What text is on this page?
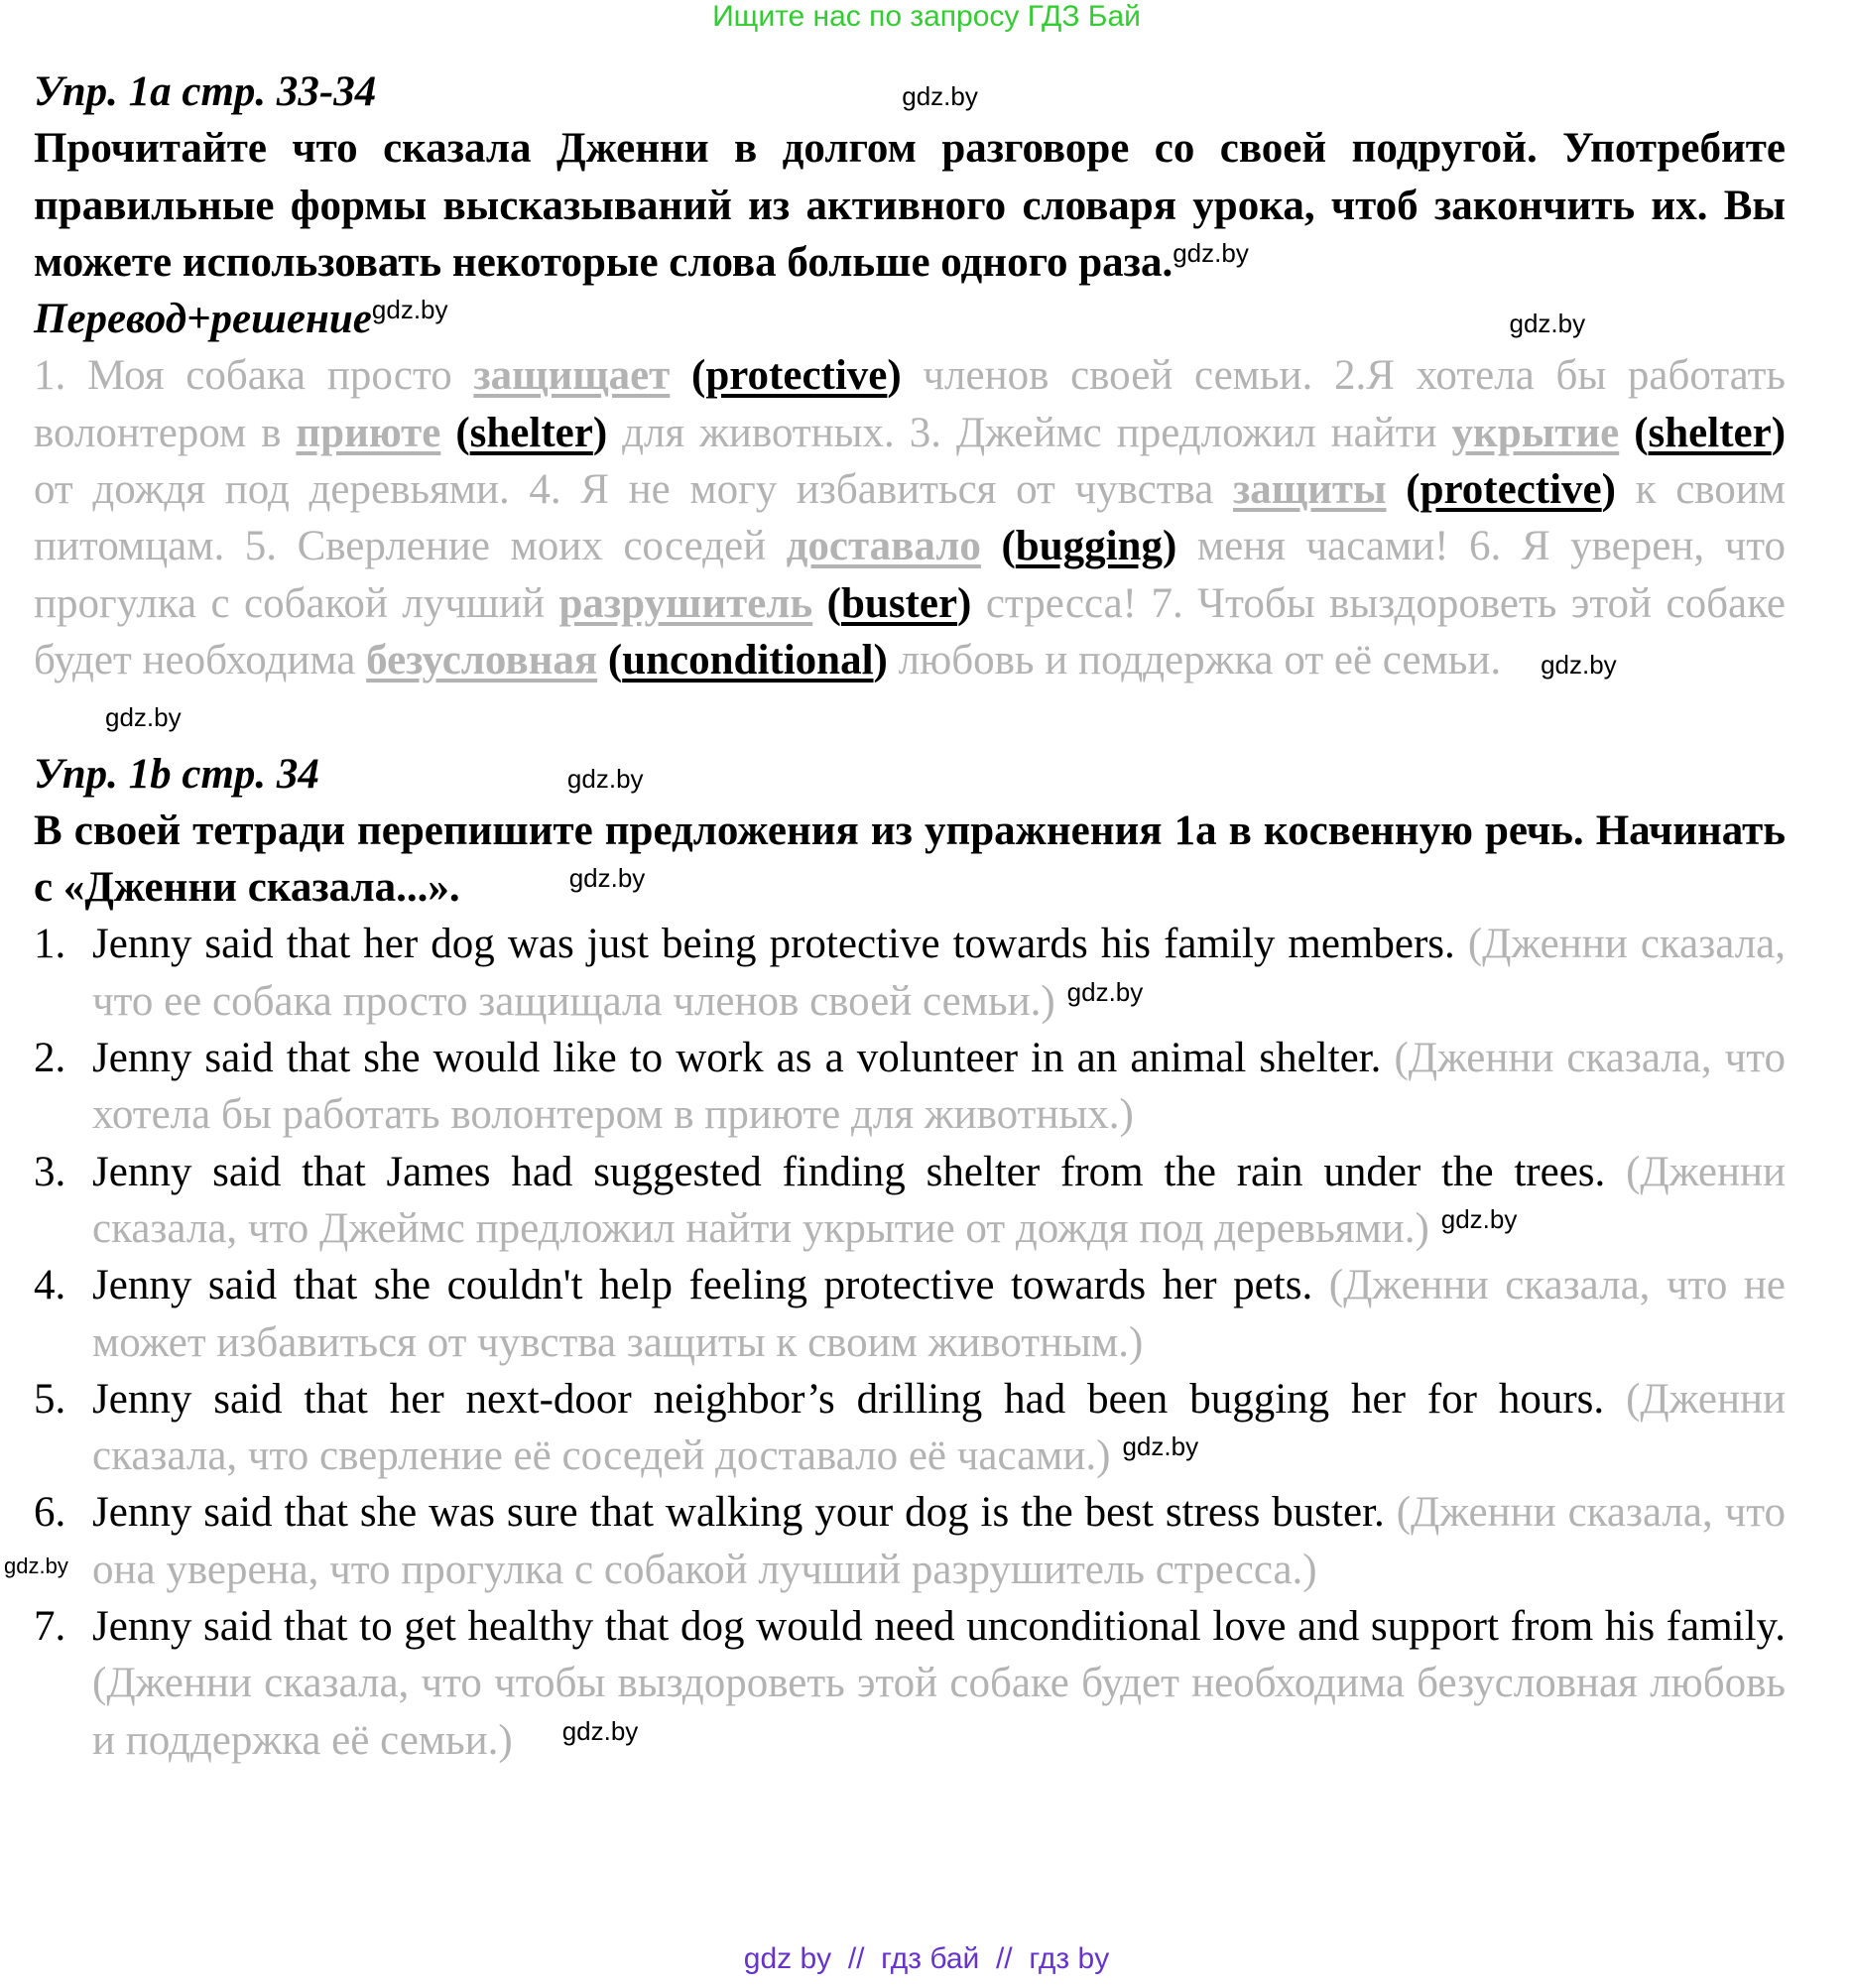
Ищите нас по запросу ГДЗ Бай
Упр. 1a стр. 33-34	gdz.by
Прочитайте что сказала Дженни в долгом разговоре со своей подругой. Употребите правильные формы высказываний из активного словаря урока, чтоб закончить их. Вы можете использовать некоторые слова больше одного раза.$^{gdz.by}$
Перевод+решение$^{gdz.by}$	gdz.by
1. Моя собака просто защищает (protective) членов своей семьи. 2.Я хотела бы работать волонтером в приюте (shelter) для животных. 3. Джеймс предложил найти укрытие (shelter) от дождя под деревьями. 4. Я не могу избавиться от чувства защиты (protective) к своим питомцам. 5. Сверление моих соседей доставало (bugging) меня часами! 6. Я уверен, что прогулка с собакой лучший разрушитель (buster) стресса! 7. Чтобы выздороветь этой собаке будет необходима безусловная (unconditional) любовь и поддержка от её семьи. gdz.by
gdz.by
Упр. 1b стр. 34	gdz.by
В своей тетради перепишите предложения из упражнения 1а в косвенную речь. Начинать с «Дженни сказала...».	$^{gdz.by}$
1. Jenny said that her dog was just being protective towards his family members. (Дженни сказала, что ее собака просто защищала членов своей семьи.) $^{gdz.by}$
2. Jenny said that she would like to work as a volunteer in an animal shelter. (Дженни сказала, что хотела бы работать волонтером в приюте для животных.)
3. Jenny said that James had suggested finding shelter from the rain under the trees. (Дженни сказала, что Джеймс предложил найти укрытие от дождя под деревьями.) $^{gdz.by}$
4. Jenny said that she couldn't help feeling protective towards her pets. (Дженни сказала, что не может избавиться от чувства защиты к своим животным.)
5. Jenny said that her next-door neighbor’s drilling had been bugging her for hours. (Дженни сказала, что сверление её соседей доставало её часами.) $^{gdz.by}$
6. Jenny said that she was sure that walking your dog is the best stress buster. (Дженни сказала, что она уверена, что прогулка с собакой лучший разрушитель стресса.)
gdz.by
7. Jenny said that to get healthy that dog would need unconditional love and support from his family. (Дженни сказала, что чтобы выздороветь этой собаке будет необходима безусловная любовь и поддержка её семьи.) $^{gdz.by}$
gdz by  //  гдз бай  //  гдз by
